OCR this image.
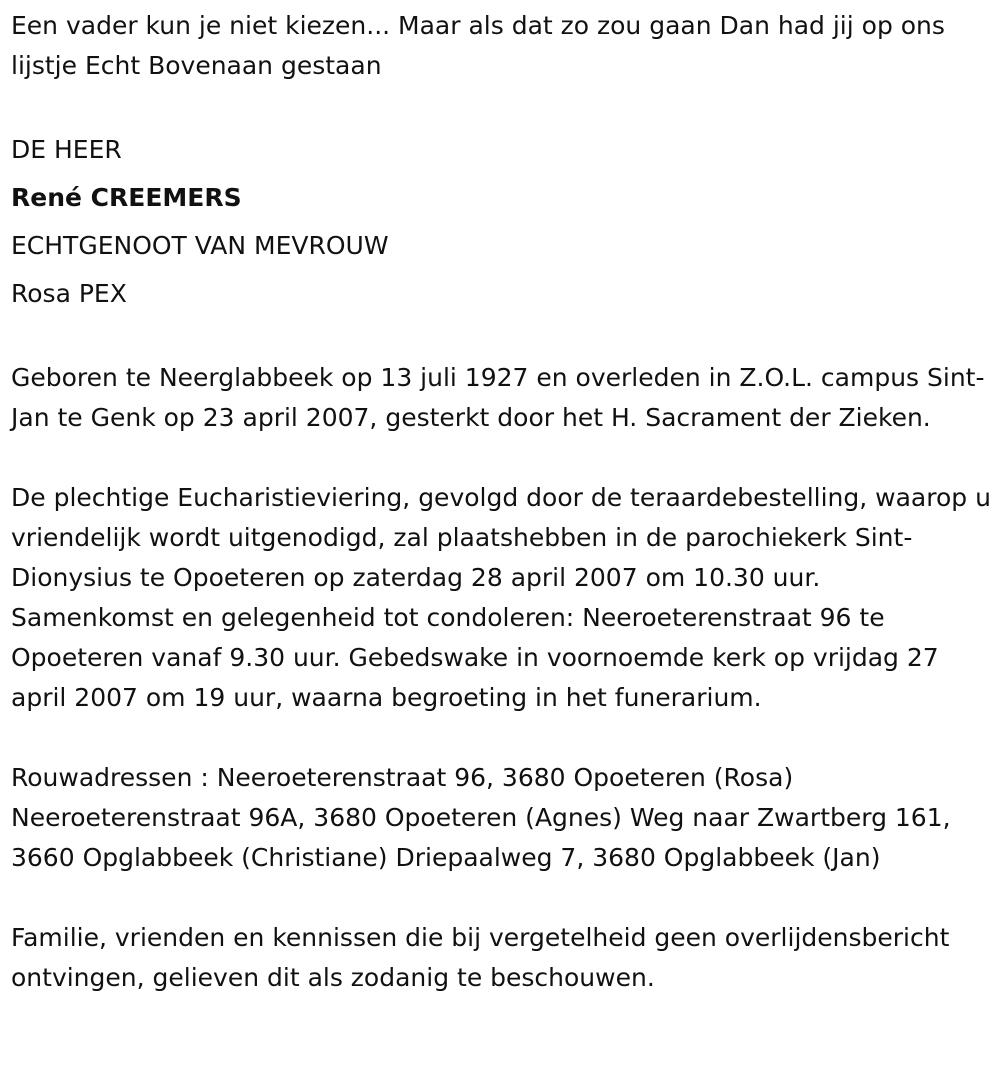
Een vader kun je niet kiezen... Maar als dat zo zou gaan Dan had jij op ons lijstje Echt Bovenaan gestaan

DE HEER

René CREEMERS

ECHTGENOOT VAN MEVROUW

Rosa PEX

Geboren te Neerglabbeek op 13 juli 1927 en overleden in Z.O.L. campus Sint-Jan te Genk op 23 april 2007, gesterkt door het H. Sacrament der Zieken.

De plechtige Eucharistieviering, gevolgd door de teraardebestelling, waarop u vriendelijk wordt uitgenodigd, zal plaatshebben in de parochiekerk Sint-Dionysius te Opoeteren op zaterdag 28 april 2007 om 10.30 uur. Samenkomst en gelegenheid tot condoleren: Neeroeterenstraat 96 te Opoeteren vanaf 9.30 uur. Gebedswake in voornoemde kerk op vrijdag 27 april 2007 om 19 uur, waarna begroeting in het funerarium.

Rouwadressen : Neeroeterenstraat 96, 3680 Opoeteren (Rosa) Neeroeterenstraat 96A, 3680 Opoeteren (Agnes) Weg naar Zwartberg 161, 3660 Opglabbeek (Christiane) Driepaalweg 7, 3680 Opglabbeek (Jan)

Familie, vrienden en kennissen die bij vergetelheid geen overlijdensbericht ontvingen, gelieven dit als zodanig te beschouwen.
